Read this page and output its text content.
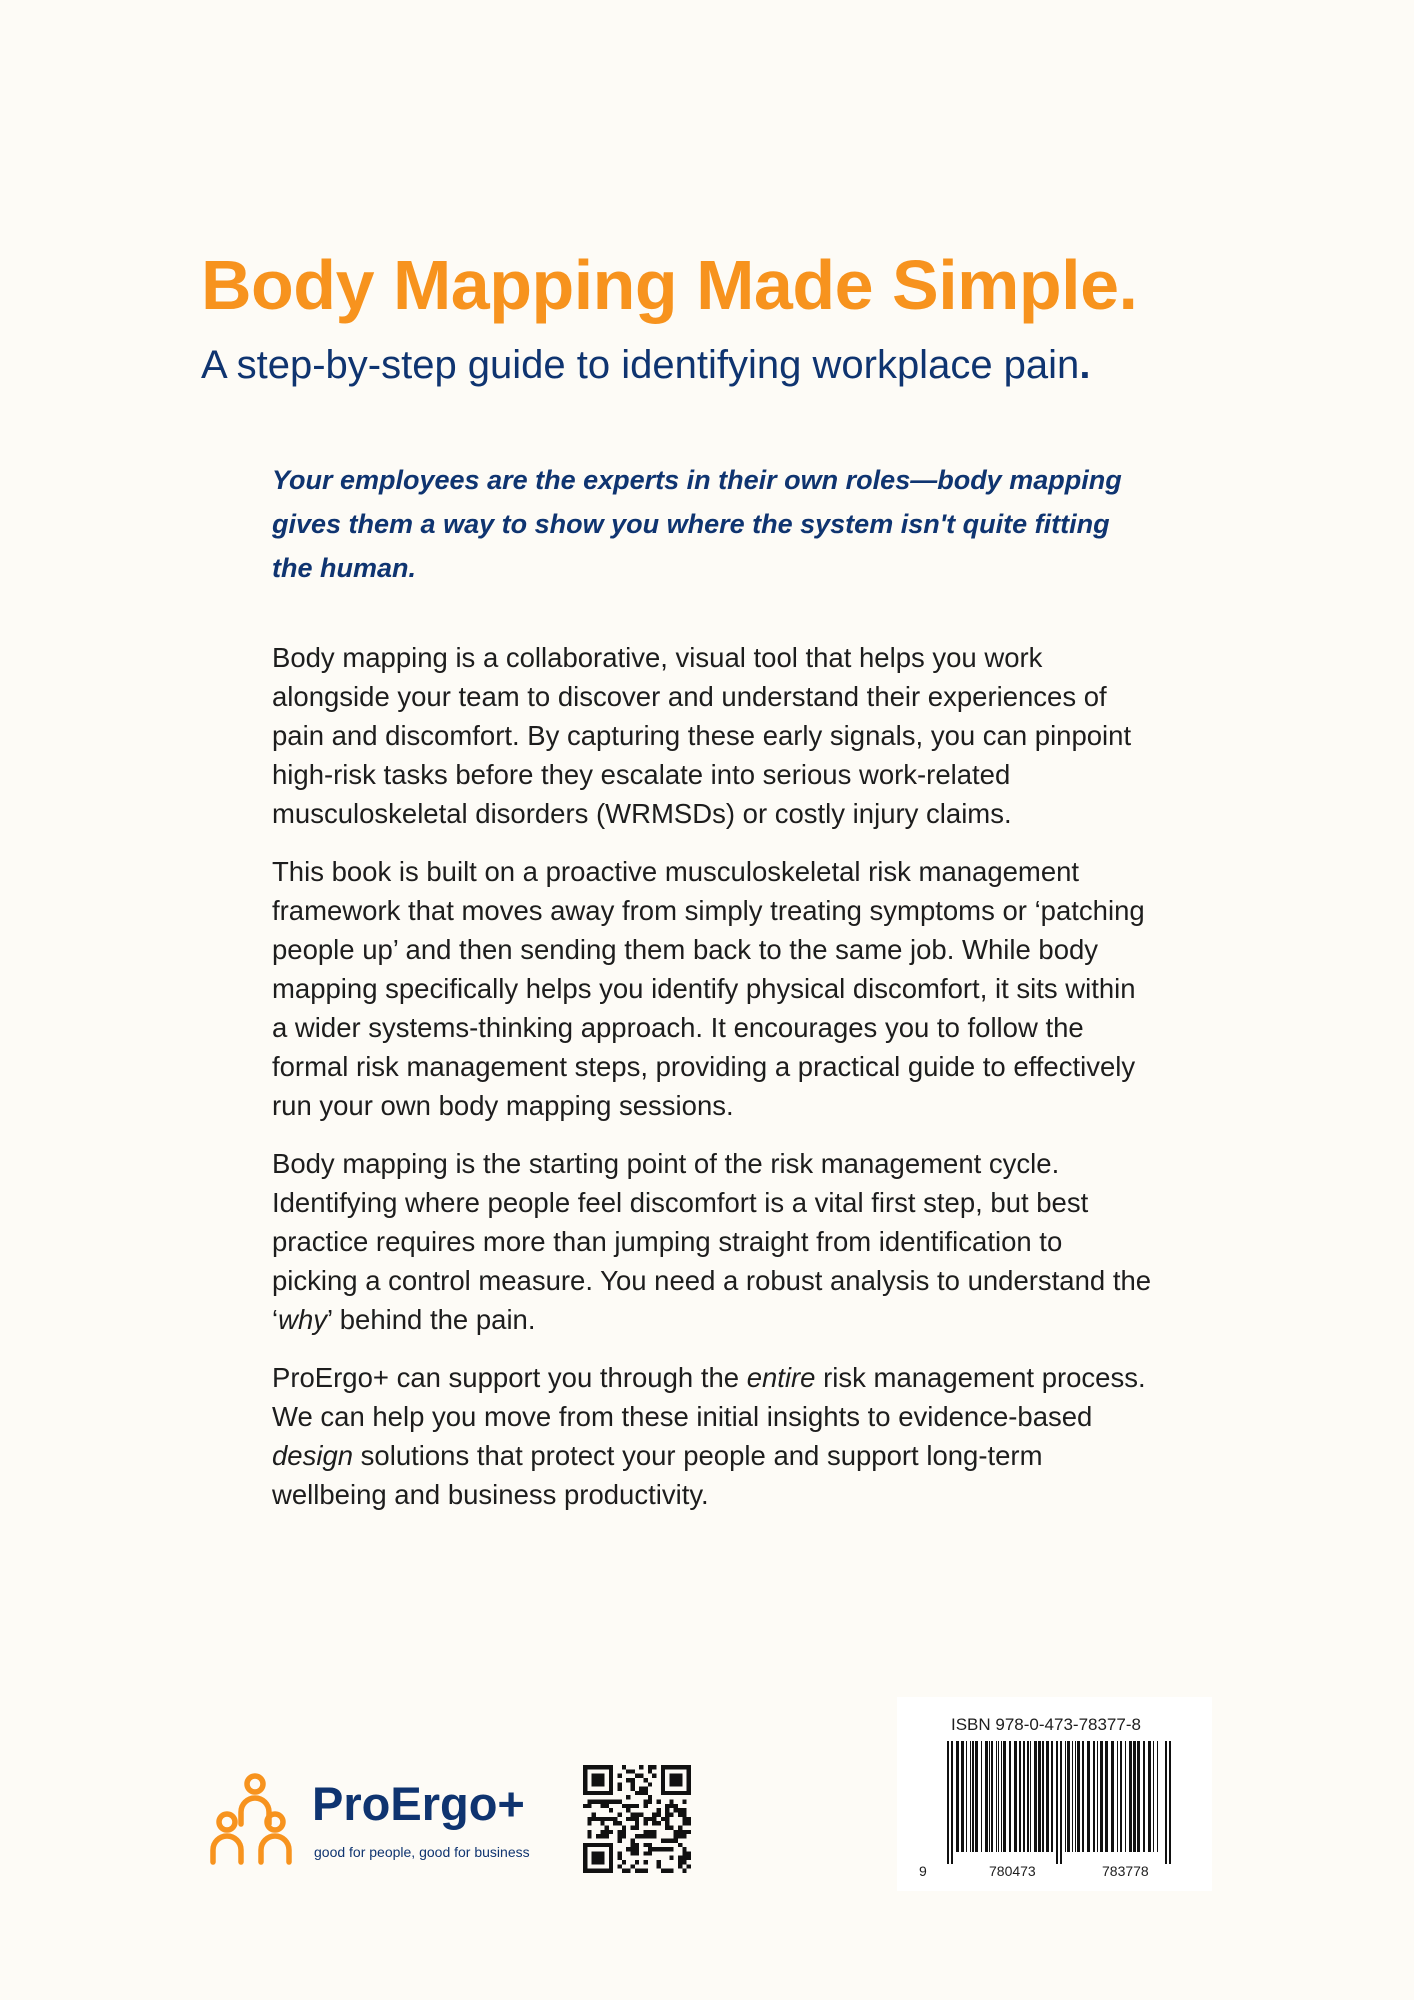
Body Mapping Made Simple.
A step-by-step guide to identifying workplace pain.

Your employees are the experts in their own roles—body mapping gives them a way to show you where the system isn't quite fitting the human.

Body mapping is a collaborative, visual tool that helps you work alongside your team to discover and understand their experiences of pain and discomfort. By capturing these early signals, you can pinpoint high-risk tasks before they escalate into serious work-related musculoskeletal disorders (WRMSDs) or costly injury claims.

This book is built on a proactive musculoskeletal risk management framework that moves away from simply treating symptoms or ‘patching people up’ and then sending them back to the same job. While body mapping specifically helps you identify physical discomfort, it sits within a wider systems-thinking approach. It encourages you to follow the formal risk management steps, providing a practical guide to effectively run your own body mapping sessions.

Body mapping is the starting point of the risk management cycle. Identifying where people feel discomfort is a vital first step, but best practice requires more than jumping straight from identification to picking a control measure. You need a robust analysis to understand the ‘why’ behind the pain.

ProErgo+ can support you through the entire risk management process. We can help you move from these initial insights to evidence-based design solutions that protect your people and support long-term wellbeing and business productivity.

ProErgo+
good for people, good for business
ISBN 978-0-473-78377-8
9	780473	783778
